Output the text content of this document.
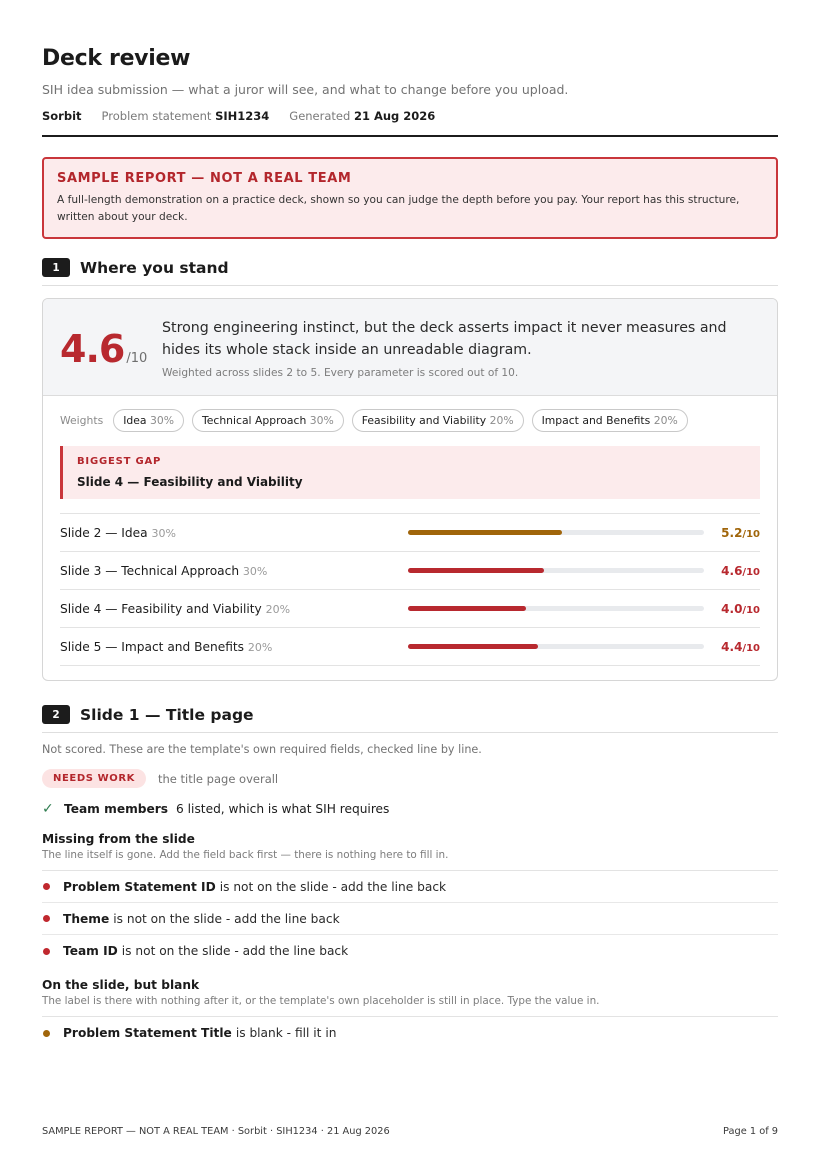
Deck review
SIH idea submission — what a juror will see, and what to change before you upload.
Sorbit Problem statement SIH1234 Generated 21 Aug 2026
SAMPLE REPORT — NOT A REAL TEAM
A full-length demonstration on a practice deck, shown so you can judge the depth before you pay. Your report has this structure, written about your deck.
1	Where you stand
4.6 /10
Strong engineering instinct, but the deck asserts impact it never measures and hides its whole stack inside an unreadable diagram.
Weighted across slides 2 to 5. Every parameter is scored out of 10.
Weights	Idea 30%	Technical Approach 30%	Feasibility and Viability 20%	Impact and Benefits 20%
BIGGEST GAP
Slide 4 — Feasibility and Viability
Slide 2 — Idea 30%	5.2/10
Slide 3 — Technical Approach 30%	4.6/10
Slide 4 — Feasibility and Viability 20%	4.0/10
Slide 5 — Impact and Benefits 20%	4.4/10
2	Slide 1 — Title page
Not scored. These are the template's own required fields, checked line by line.
NEEDS WORK	the title page overall
✓ Team members 6 listed, which is what SIH requires
Missing from the slide
The line itself is gone. Add the field back first — there is nothing here to fill in.
Problem Statement ID is not on the slide - add the line back
Theme is not on the slide - add the line back
Team ID is not on the slide - add the line back
On the slide, but blank
The label is there with nothing after it, or the template's own placeholder is still in place. Type the value in.
Problem Statement Title is blank - fill it in
SAMPLE REPORT — NOT A REAL TEAM · Sorbit · SIH1234 · 21 Aug 2026	Page 1 of 9
